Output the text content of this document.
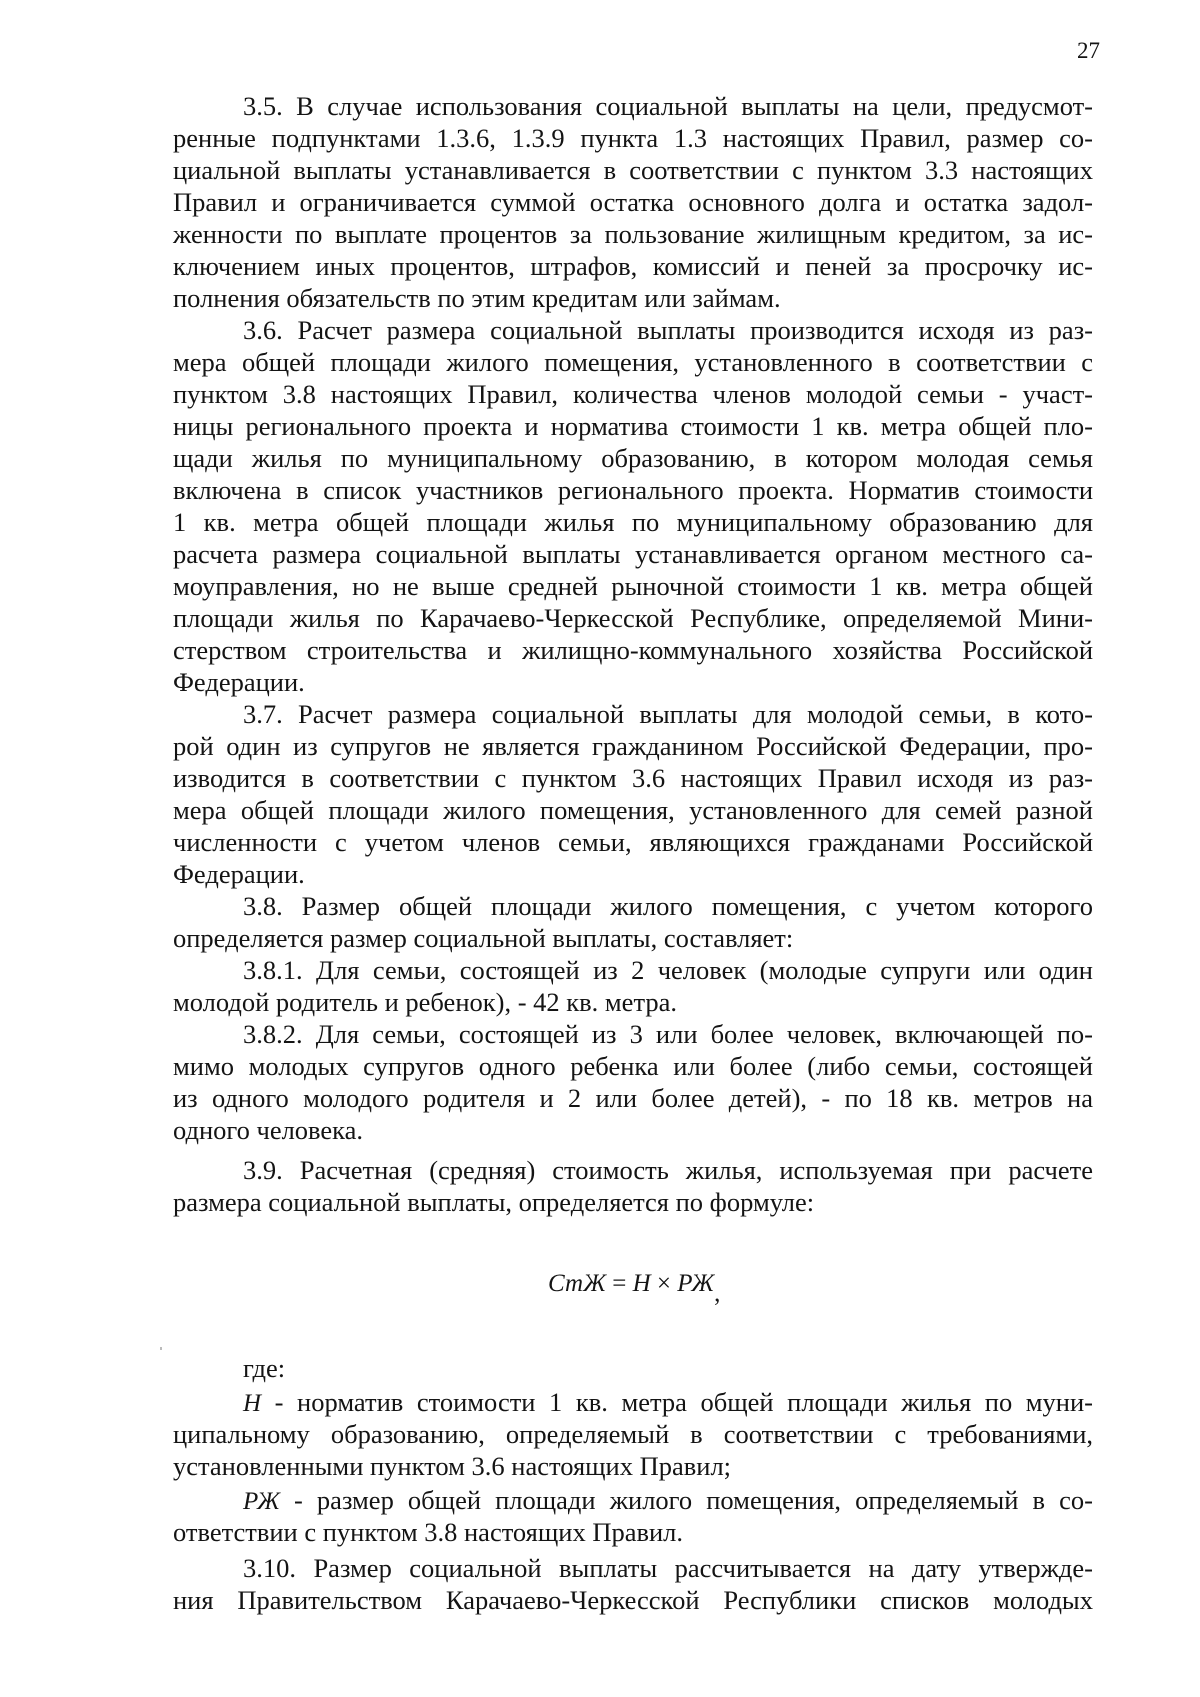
27
3.5. В случае использования социальной выплаты на цели, предусмот-
ренные подпунктами 1.3.6, 1.3.9 пункта 1.3 настоящих Правил, размер со-
циальной выплаты устанавливается в соответствии с пунктом 3.3 настоящих
Правил и ограничивается суммой остатка основного долга и остатка задол-
женности по выплате процентов за пользование жилищным кредитом, за ис-
ключением иных процентов, штрафов, комиссий и пеней за просрочку ис-
полнения обязательств по этим кредитам или займам.
3.6. Расчет размера социальной выплаты производится исходя из раз-
мера общей площади жилого помещения, установленного в соответствии с
пунктом 3.8 настоящих Правил, количества членов молодой семьи - участ-
ницы регионального проекта и норматива стоимости 1 кв. метра общей пло-
щади жилья по муниципальному образованию, в котором молодая семья
включена в список участников регионального проекта. Норматив стоимости
1 кв. метра общей площади жилья по муниципальному образованию для
расчета размера социальной выплаты устанавливается органом местного са-
моуправления, но не выше средней рыночной стоимости 1 кв. метра общей
площади жилья по Карачаево-Черкесской Республике, определяемой Мини-
стерством строительства и жилищно-коммунального хозяйства Российской
Федерации.
3.7. Расчет размера социальной выплаты для молодой семьи, в кото-
рой один из супругов не является гражданином Российской Федерации, про-
изводится в соответствии с пунктом 3.6 настоящих Правил исходя из раз-
мера общей площади жилого помещения, установленного для семей разной
численности с учетом членов семьи, являющихся гражданами Российской
Федерации.
3.8. Размер общей площади жилого помещения, с учетом которого
определяется размер социальной выплаты, составляет:
3.8.1. Для семьи, состоящей из 2 человек (молодые супруги или один
молодой родитель и ребенок), - 42 кв. метра.
3.8.2. Для семьи, состоящей из 3 или более человек, включающей по-
мимо молодых супругов одного ребенка или более (либо семьи, состоящей
из одного молодого родителя и 2 или более детей), - по 18 кв. метров на
одного человека.
3.9. Расчетная (средняя) стоимость жилья, используемая при расчете
размера социальной выплаты, определяется по формуле:
СтЖ = Н × РЖ,
где:
Н - норматив стоимости 1 кв. метра общей площади жилья по муни-
ципальному образованию, определяемый в соответствии с требованиями,
установленными пунктом 3.6 настоящих Правил;
РЖ - размер общей площади жилого помещения, определяемый в со-
ответствии с пунктом 3.8 настоящих Правил.
3.10. Размер социальной выплаты рассчитывается на дату утвержде-
ния Правительством Карачаево-Черкесской Республики списков молодых
